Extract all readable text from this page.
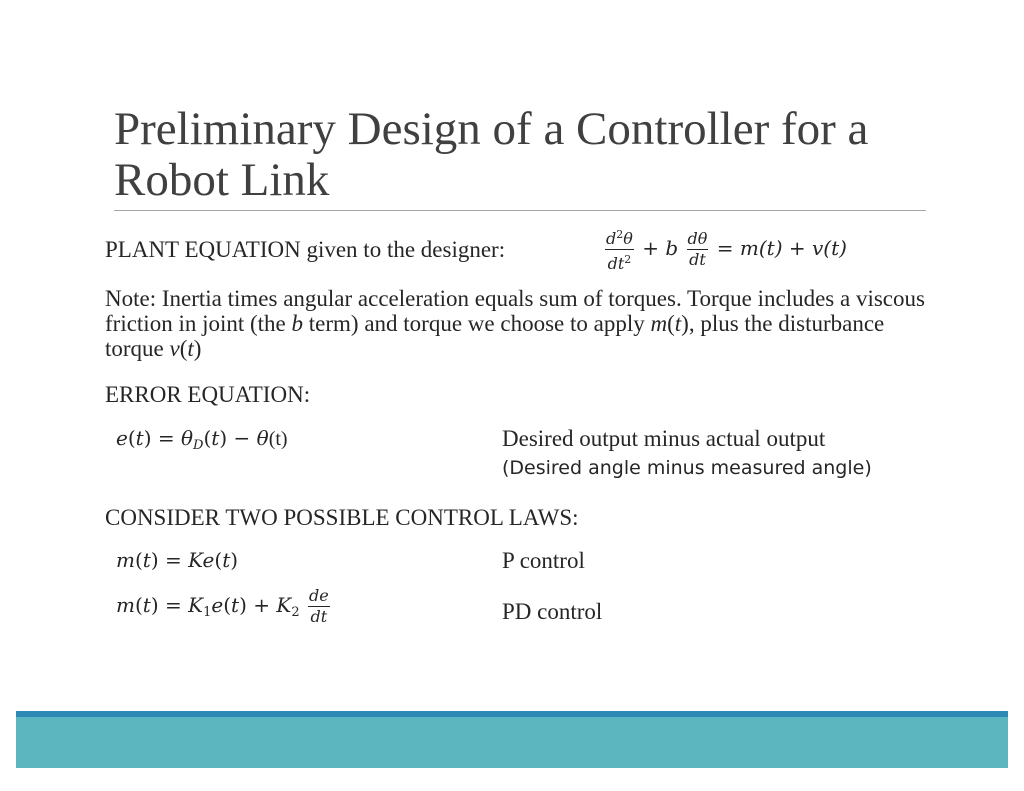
Preliminary Design of a Controller for a
Robot Link
PLANT EQUATION given to the designer:	$\frac{d^2\theta}{dt^2} + b \frac{d\theta}{dt} = m(t) + v(t)$
Note: Inertia times angular acceleration equals sum of torques. Torque includes a viscous friction in joint (the b term) and torque we choose to apply m(t), plus the disturbance torque v(t)
ERROR EQUATION:
$e(t) = \theta_D(t) - \theta(t)$	Desired output minus actual output
(Desired angle minus measured angle)
CONSIDER TWO POSSIBLE CONTROL LAWS:
m(t) = Ke(t)	P control
$m(t) = K_1e(t) + K_2 \frac{de}{dt}$	PD control
